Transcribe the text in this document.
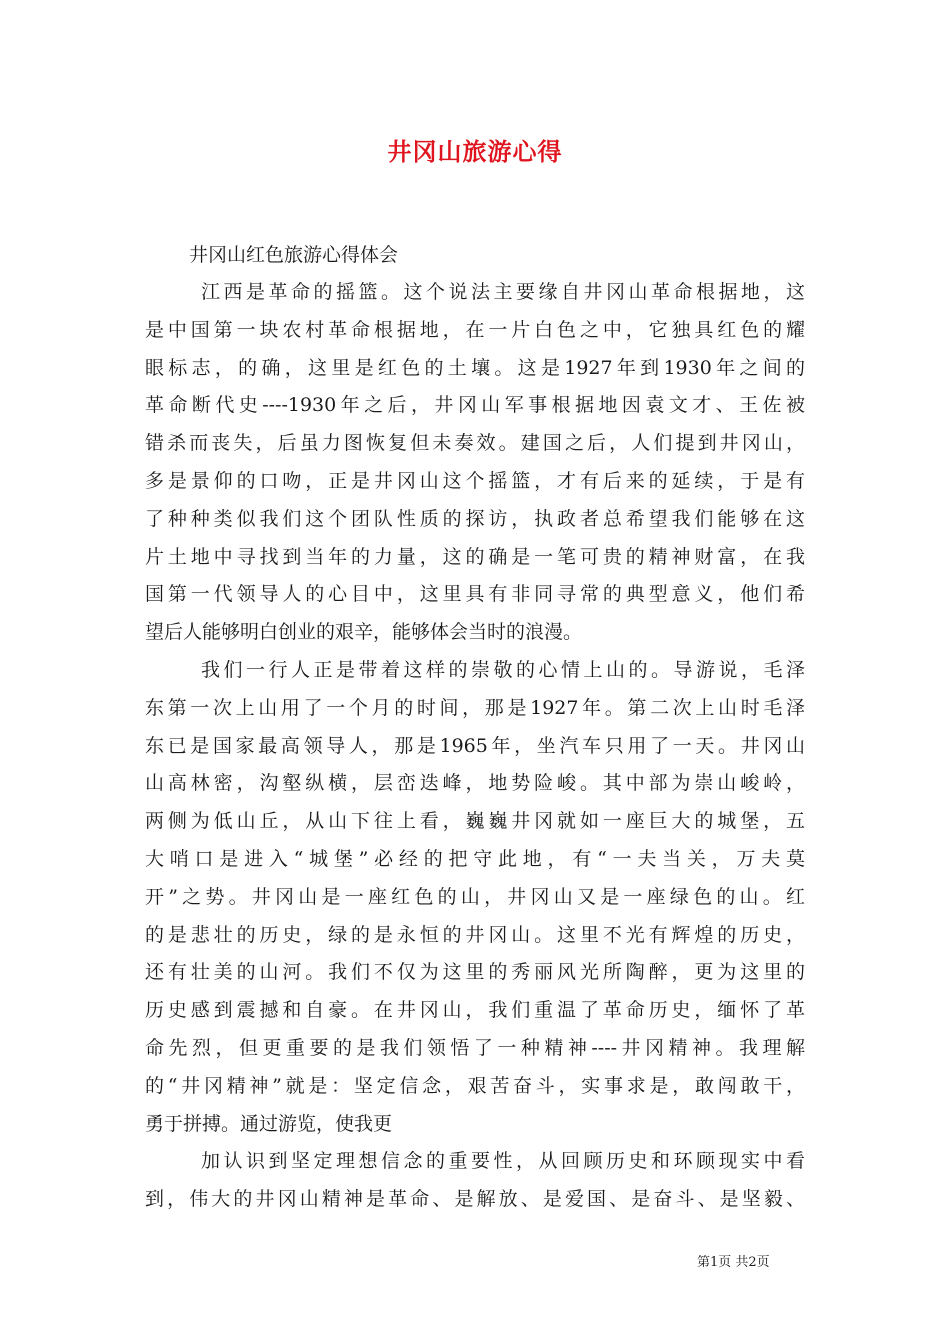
井冈山旅游心得

井冈山红色旅游心得体会

江西是革命的摇篮。这个说法主要缘自井冈山革命根据地，这
是中国第一块农村革命根据地，在一片白色之中，它独具红色的耀
眼标志，的确，这里是红色的土壤。这是1927年到1930年之间的
革命断代史----1930年之后，井冈山军事根据地因袁文才、王佐被
错杀而丧失，后虽力图恢复但未奏效。建国之后，人们提到井冈山，
多是景仰的口吻，正是井冈山这个摇篮，才有后来的延续，于是有
了种种类似我们这个团队性质的探访，执政者总希望我们能够在这
片土地中寻找到当年的力量，这的确是一笔可贵的精神财富，在我
国第一代领导人的心目中，这里具有非同寻常的典型意义，他们希
望后人能够明白创业的艰辛，能够体会当时的浪漫。

我们一行人正是带着这样的崇敬的心情上山的。导游说，毛泽
东第一次上山用了一个月的时间，那是1927年。第二次上山时毛泽
东已是国家最高领导人，那是1965年，坐汽车只用了一天。井冈山
山高林密，沟壑纵横，层峦迭峰，地势险峻。其中部为崇山峻岭，
两侧为低山丘，从山下往上看，巍巍井冈就如一座巨大的城堡，五
大哨口是进入“城堡”必经的把守此地，有“一夫当关，万夫莫
开”之势。井冈山是一座红色的山，井冈山又是一座绿色的山。红
的是悲壮的历史，绿的是永恒的井冈山。这里不光有辉煌的历史，
还有壮美的山河。我们不仅为这里的秀丽风光所陶醉，更为这里的
历史感到震撼和自豪。在井冈山，我们重温了革命历史，缅怀了革
命先烈，但更重要的是我们领悟了一种精神----井冈精神。我理解
的“井冈精神”就是：坚定信念，艰苦奋斗，实事求是，敢闯敢干，
勇于拼搏。通过游览，使我更

加认识到坚定理想信念的重要性，从回顾历史和环顾现实中看
到，伟大的井冈山精神是革命、是解放、是爱国、是奋斗、是坚毅、

第1页 共2页
